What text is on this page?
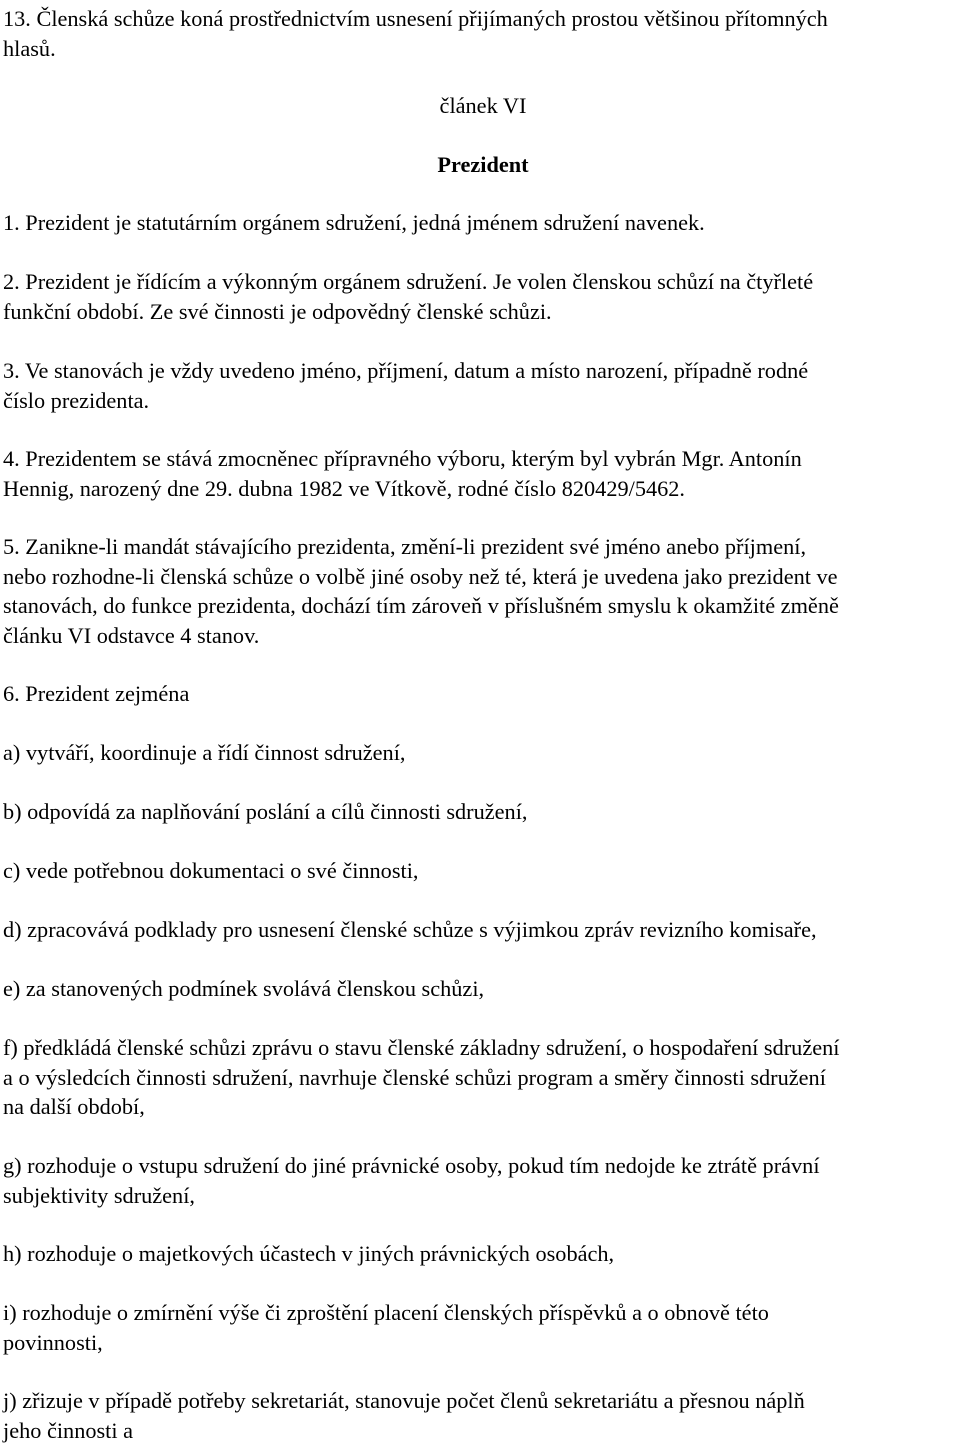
13. Členská schůze koná prostřednictvím usnesení přijímaných prostou většinou přítomných
hlasů.

článek VI

Prezident

1. Prezident je statutárním orgánem sdružení, jedná jménem sdružení navenek.

2. Prezident je řídícím a výkonným orgánem sdružení. Je volen členskou schůzí na čtyřleté
funkční období. Ze své činnosti je odpovědný členské schůzi.

3. Ve stanovách je vždy uvedeno jméno, příjmení, datum a místo narození, případně rodné
číslo prezidenta.

4. Prezidentem se stává zmocněnec přípravného výboru, kterým byl vybrán Mgr. Antonín
Hennig, narozený dne 29. dubna 1982 ve Vítkově, rodné číslo 820429/5462.

5. Zanikne-li mandát stávajícího prezidenta, změní-li prezident své jméno anebo příjmení,
nebo rozhodne-li členská schůze o volbě jiné osoby než té, která je uvedena jako prezident ve
stanovách, do funkce prezidenta, dochází tím zároveň v příslušném smyslu k okamžité změně
článku VI odstavce 4 stanov.

6. Prezident zejména

a) vytváří, koordinuje a řídí činnost sdružení,

b) odpovídá za naplňování poslání a cílů činnosti sdružení,

c) vede potřebnou dokumentaci o své činnosti,

d) zpracovává podklady pro usnesení členské schůze s výjimkou zpráv revizního komisaře,

e) za stanovených podmínek svolává členskou schůzi,

f) předkládá členské schůzi zprávu o stavu členské základny sdružení, o hospodaření sdružení
a o výsledcích činnosti sdružení, navrhuje členské schůzi program a směry činnosti sdružení
na další období,

g) rozhoduje o vstupu sdružení do jiné právnické osoby, pokud tím nedojde ke ztrátě právní
subjektivity sdružení,

h) rozhoduje o majetkových účastech v jiných právnických osobách,

i) rozhoduje o zmírnění výše či zproštění placení členských příspěvků a o obnově této
povinnosti,

j) zřizuje v případě potřeby sekretariát, stanovuje počet členů sekretariátu a přesnou náplň
jeho činnosti a
